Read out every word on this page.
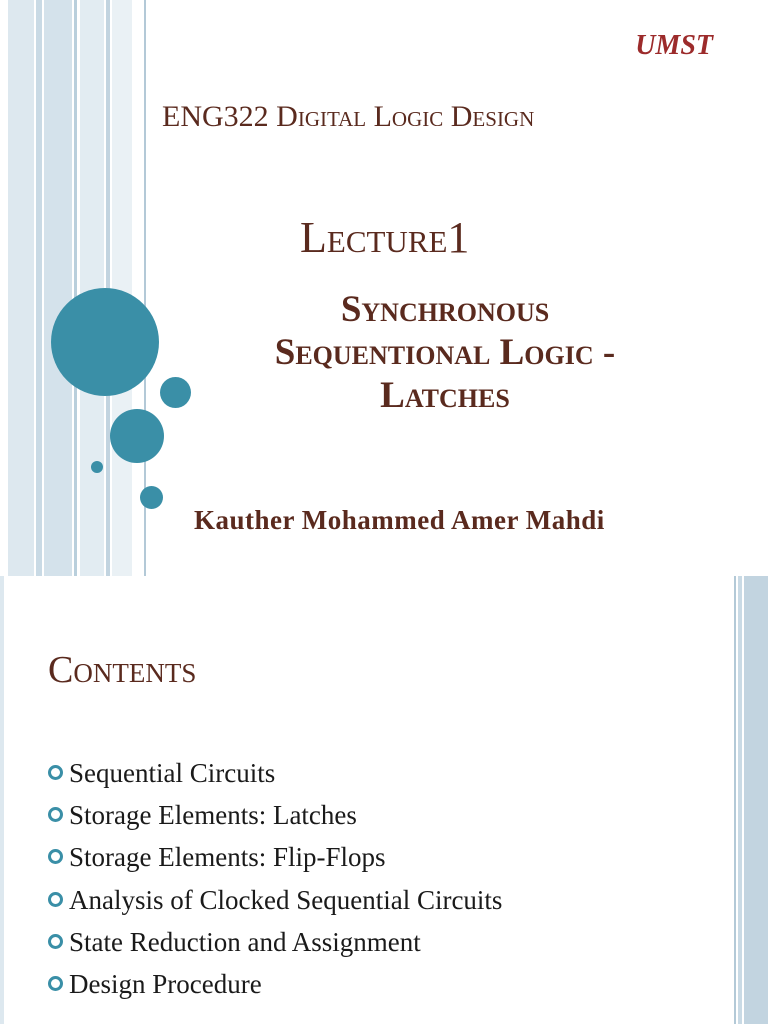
UMST
ENG322 Digital Logic Design
Lecture1
Synchronous
Sequentional Logic -
Latches
Kauther Mohammed Amer Mahdi
Contents
Sequential Circuits
Storage Elements: Latches
Storage Elements: Flip-Flops
Analysis of Clocked Sequential Circuits
State Reduction and Assignment
Design Procedure
